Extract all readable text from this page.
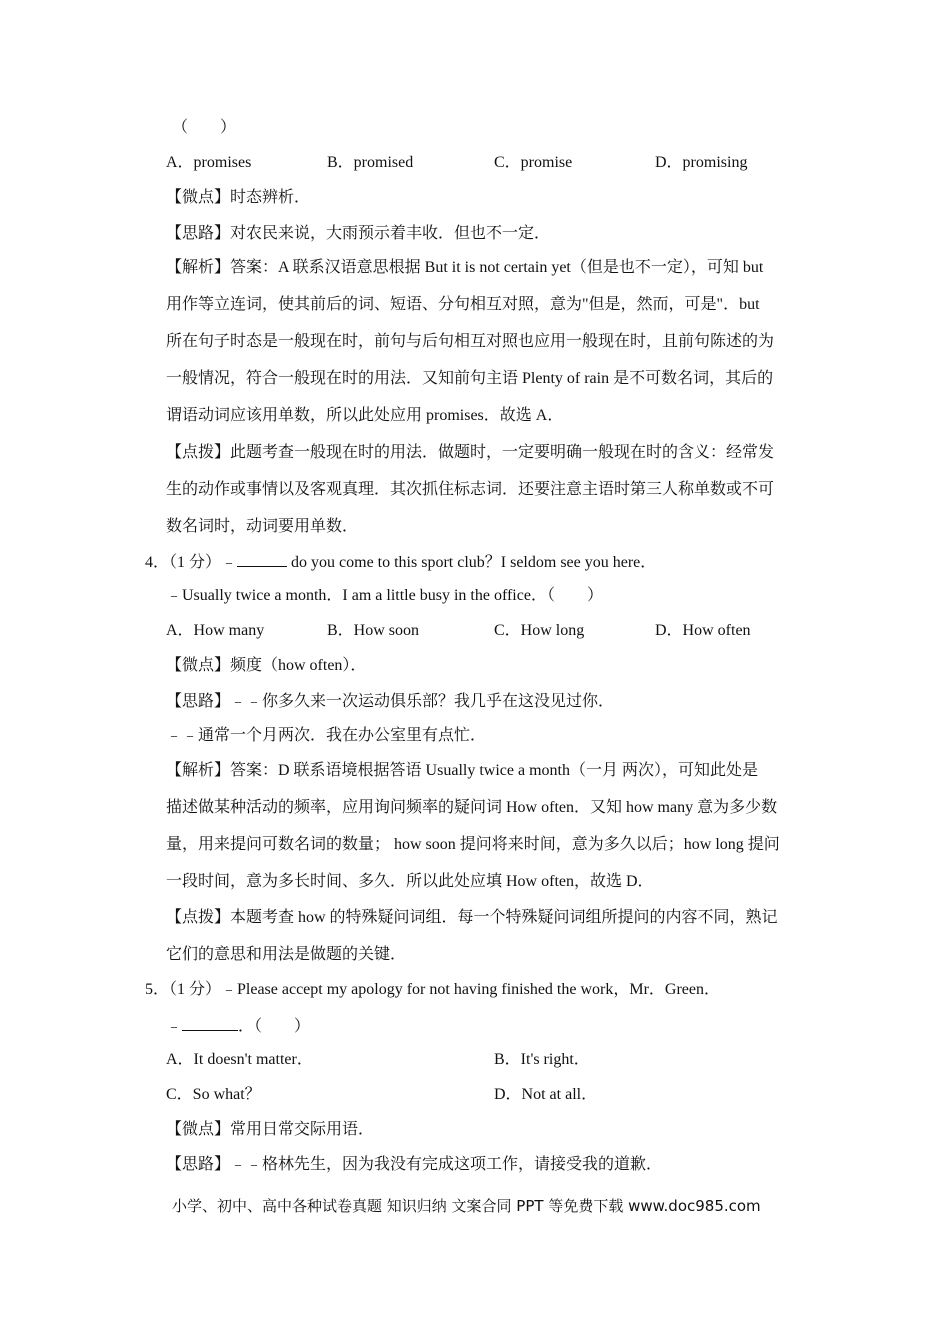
（　　）
A．promises	B．promised	C．promise	D．promising
【微点】时态辨析．
【思路】对农民来说，大雨预示着丰收．但也不一定．
【解析】答案：A 联系汉语意思根据 But it is not certain yet（但是也不一定），可知 but
用作等立连词，使其前后的词、短语、分句相互对照，意为"但是，然而，可是"．but
所在句子时态是一般现在时，前句与后句相互对照也应用一般现在时，且前句陈述的为
一般情况，符合一般现在时的用法．又知前句主语 Plenty of rain 是不可数名词，其后的
谓语动词应该用单数，所以此处应用 promises．故选 A．
【点拨】此题考查一般现在时的用法．做题时，一定要明确一般现在时的含义：经常发
生的动作或事情以及客观真理．其次抓住标志词．还要注意主语时第三人称单数或不可
数名词时，动词要用单数．
4．（1 分）﹣	do you come to this sport club？I seldom see you here．
﹣Usually twice a month．I am a little busy in the office．（　　）
A．How many	B．How soon	C．How long	D．How often
【微点】频度（how often）．
【思路】﹣﹣你多久来一次运动俱乐部？我几乎在这没见过你．
﹣﹣通常一个月两次．我在办公室里有点忙．
【解析】答案：D 联系语境根据答语 Usually twice a month（一月 两次），可知此处是
描述做某种活动的频率，应用询问频率的疑问词 How often．又知 how many 意为多少数
量，用来提问可数名词的数量； how soon 提问将来时间，意为多久以后；how long 提问
一段时间，意为多长时间、多久．所以此处应填 How often，故选 D．
【点拨】本题考查 how 的特殊疑问词组．每一个特殊疑问词组所提问的内容不同，熟记
它们的意思和用法是做题的关键．
5．（1 分）﹣Please accept my apology for not having finished the work，Mr．Green．
﹣	．（　　）
A．It doesn't matter．	B．It's right．
C．So what？	D．Not at all．
【微点】常用日常交际用语．
【思路】﹣﹣格林先生，因为我没有完成这项工作，请接受我的道歉．
小学、初中、高中各种试卷真题 知识归纳 文案合同 PPT 等免费下载 www.doc985.com
